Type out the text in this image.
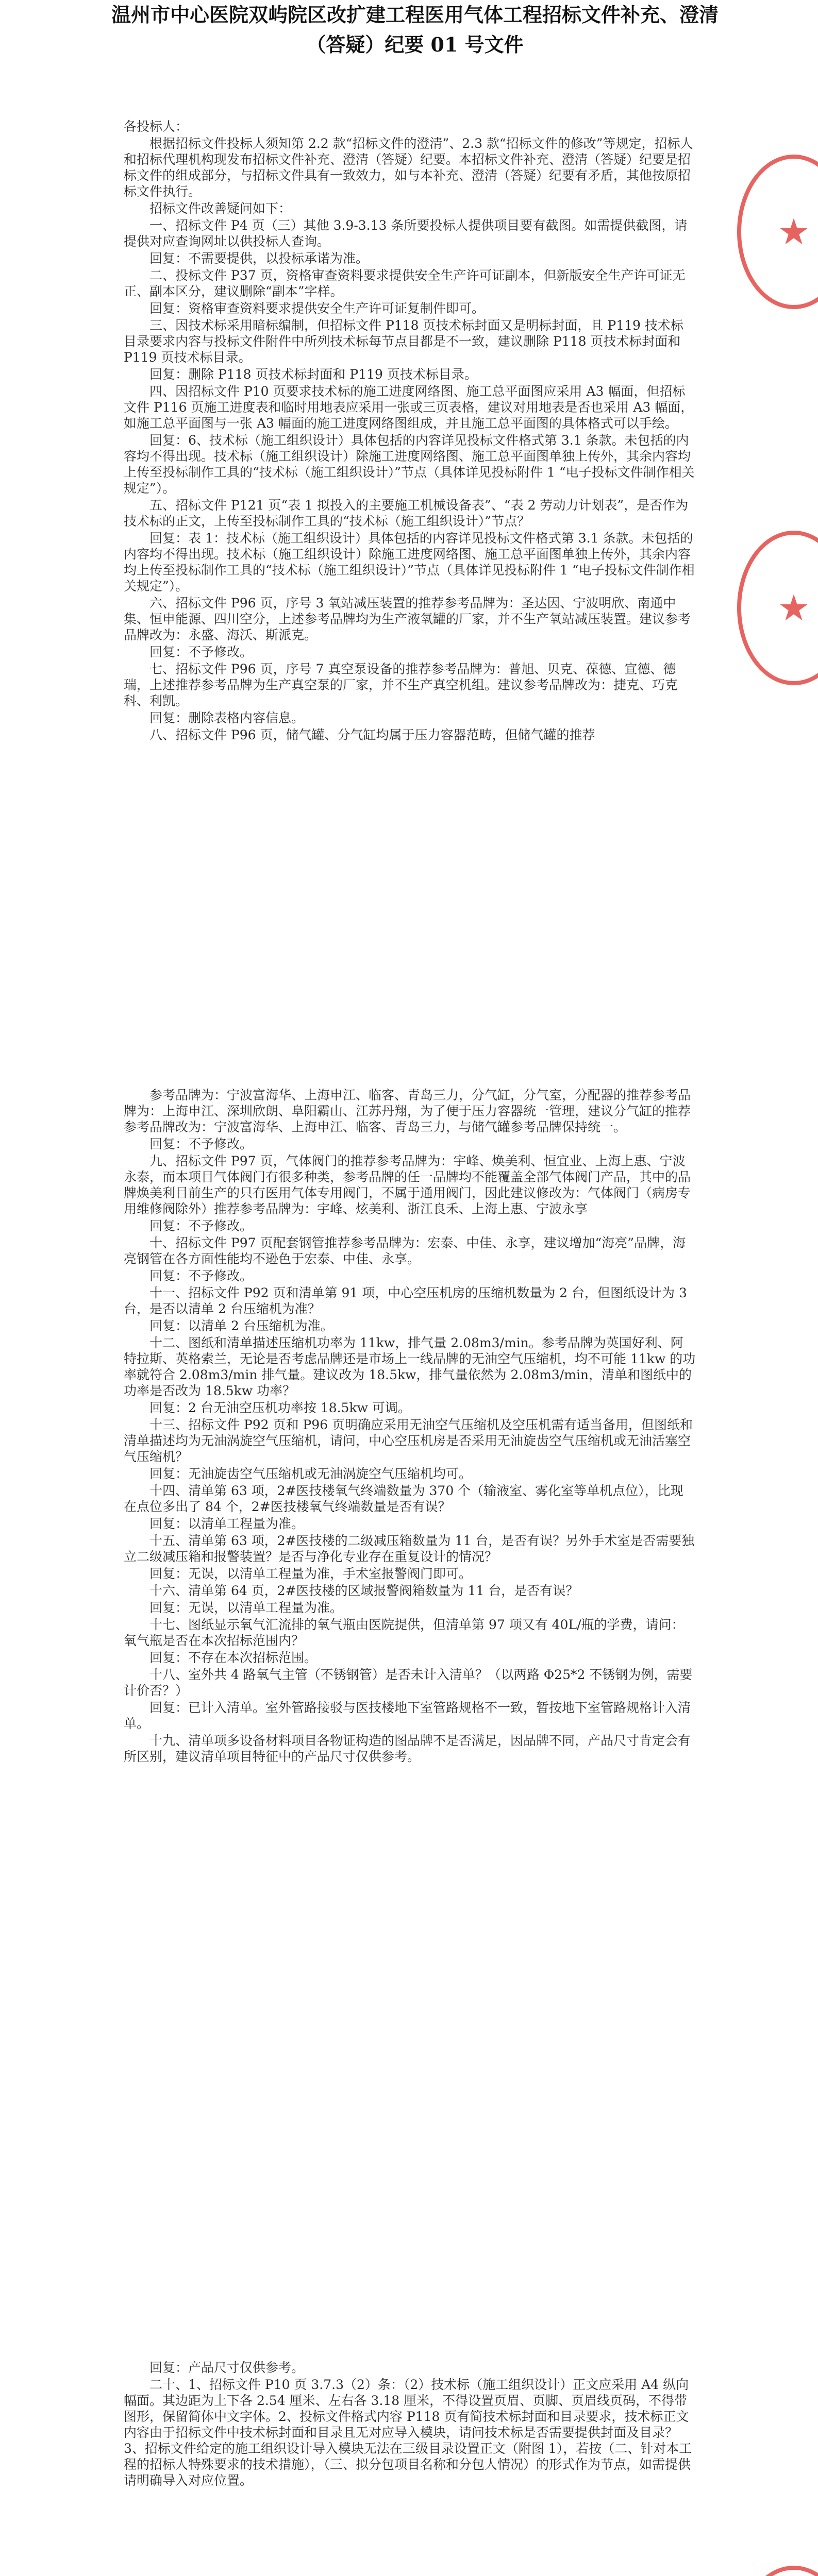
温州市中心医院双屿院区改扩建工程医用气体工程招标文件补充、澄清（答疑）纪要 01 号文件

各投标人：

根据招标文件投标人须知第 2.2 款“招标文件的澄清”、2.3 款“招标文件的修改”等规定，招标人和招标代理机构现发布招标文件补充、澄清（答疑）纪要。本招标文件补充、澄清（答疑）纪要是招标文件的组成部分，与招标文件具有一致效力，如与本补充、澄清（答疑）纪要有矛盾，其他按原招标文件执行。

招标文件改善疑问如下：

一、招标文件 P4 页（三）其他 3.9-3.13 条所要投标人提供项目要有截图。如需提供截图，请提供对应查询网址以供投标人查询。

回复：不需要提供，以投标承诺为准。

二、投标文件 P37 页，资格审查资料要求提供安全生产许可证副本，但新版安全生产许可证无正、副本区分，建议删除“副本”字样。

回复：资格审查资料要求提供安全生产许可证复制件即可。

三、因技术标采用暗标编制，但招标文件 P118 页技术标封面又是明标封面，且 P119 技术标目录要求内容与投标文件附件中所列技术标每节点目都是不一致，建议删除 P118 页技术标封面和 P119 页技术标目录。

回复：删除 P118 页技术标封面和 P119 页技术标目录。

四、因招标文件 P10 页要求技术标的施工进度网络图、施工总平面图应采用 A3 幅面，但招标文件 P116 页施工进度表和临时用地表应采用一张或三页表格，建议对用地表是否也采用 A3 幅面，如施工总平面图与一张 A3 幅面的施工进度网络图组成，并且施工总平面图的具体格式可以手绘。

回复：6、技术标（施工组织设计）具体包括的内容详见投标文件格式第 3.1 条款。未包括的内容均不得出现。技术标（施工组织设计）除施工进度网络图、施工总平面图单独上传外，其余内容均上传至投标制作工具的“技术标（施工组织设计）”节点（具体详见投标附件 1 “电子投标文件制作相关规定”）。

五、招标文件 P121 页“表 1 拟投入的主要施工机械设备表”、“表 2 劳动力计划表”，是否作为技术标的正文，上传至投标制作工具的“技术标（施工组织设计）”节点？

回复：表 1：技术标（施工组织设计）具体包括的内容详见投标文件格式第 3.1 条款。未包括的内容均不得出现。技术标（施工组织设计）除施工进度网络图、施工总平面图单独上传外，其余内容均上传至投标制作工具的“技术标（施工组织设计）”节点（具体详见投标附件 1 “电子投标文件制作相关规定”）。

六、招标文件 P96 页，序号 3 氧站减压装置的推荐参考品牌为：圣达因、宁波明欣、南通中集、恒申能源、四川空分，上述参考品牌均为生产液氧罐的厂家，并不生产氧站减压装置。建议参考品牌改为：永盛、海沃、斯派克。

回复：不予修改。

七、招标文件 P96 页，序号 7 真空泵设备的推荐参考品牌为：普旭、贝克、葆德、宣德、德瑞，上述推荐参考品牌为生产真空泵的厂家，并不生产真空机组。建议参考品牌改为：捷克、巧克科、利凯。

回复：删除表格内容信息。

八、招标文件 P96 页，储气罐、分气缸均属于压力容器范畴，但储气罐的推荐

参考品牌为：宁波富海华、上海申江、临客、青岛三力，分气缸，分气室，分配器的推荐参考品牌为：上海申江、深圳欣朗、阜阳霸山、江苏丹翔，为了便于压力容器统一管理，建议分气缸的推荐参考品牌改为：宁波富海华、上海申江、临客、青岛三力，与储气罐参考品牌保持统一。

回复：不予修改。

九、招标文件 P97 页，气体阀门的推荐参考品牌为：宇峰、焕美利、恒宜业、上海上惠、宁波永泰，而本项目气体阀门有很多种类，参考品牌的任一品牌均不能覆盖全部气体阀门产品，其中的品牌焕美利目前生产的只有医用气体专用阀门，不属于通用阀门，因此建议修改为：气体阀门（病房专用维修阀除外）推荐参考品牌为：宇峰、炫美利、浙江良禾、上海上惠、宁波永享

回复：不予修改。

十、招标文件 P97 页配套钢管推荐参考品牌为：宏泰、中佳、永享，建议增加“海亮”品牌，海亮钢管在各方面性能均不逊色于宏泰、中佳、永享。

回复：不予修改。

十一、招标文件 P92 页和清单第 91 项，中心空压机房的压缩机数量为 2 台，但图纸设计为 3 台，是否以清单 2 台压缩机为准？

回复：以清单 2 台压缩机为准。

十二、图纸和清单描述压缩机功率为 11kw，排气量 2.08m3/min。参考品牌为英国好利、阿特拉斯、英格索兰，无论是否考虑品牌还是市场上一线品牌的无油空气压缩机，均不可能 11kw 的功率就符合 2.08m3/min 排气量。建议改为 18.5kw，排气量依然为 2.08m3/min，清单和图纸中的功率是否改为 18.5kw 功率？

回复：2 台无油空压机功率按 18.5kw 可调。

十三、招标文件 P92 页和 P96 页明确应采用无油空气压缩机及空压机需有适当备用，但图纸和清单描述均为无油涡旋空气压缩机，请问，中心空压机房是否采用无油旋齿空气压缩机或无油活塞空气压缩机？

回复：无油旋齿空气压缩机或无油涡旋空气压缩机均可。

十四、清单第 63 项，2#医技楼氧气终端数量为 370 个（输液室、雾化室等单机点位），比现在点位多出了 84 个，2#医技楼氧气终端数量是否有误？

回复：以清单工程量为准。

十五、清单第 63 项，2#医技楼的二级减压箱数量为 11 台，是否有误？另外手术室是否需要独立二级减压箱和报警装置？是否与净化专业存在重复设计的情况？

回复：无误，以清单工程量为准，手术室报警阀门即可。

十六、清单第 64 页，2#医技楼的区域报警阀箱数量为 11 台，是否有误？

回复：无误，以清单工程量为准。

十七、图纸显示氧气汇流排的氧气瓶由医院提供，但清单第 97 项又有 40L/瓶的学费，请问：氧气瓶是否在本次招标范围内？

回复：不存在本次招标范围。

十八、室外共 4 路氧气主管（不锈钢管）是否未计入清单？（以两路 Φ25*2 不锈钢为例，需要计价否？）

回复：已计入清单。室外管路接驳与医技楼地下室管路规格不一致，暂按地下室管路规格计入清单。

十九、清单项多设备材料项目各物证构造的图品牌不是否满足，因品牌不同，产品尺寸肯定会有所区别，建议清单项目特征中的产品尺寸仅供参考。

回复：产品尺寸仅供参考。

二十、1、招标文件 P10 页 3.7.3（2）条：（2）技术标（施工组织设计）正文应采用 A4 纵向幅面。其边距为上下各 2.54 厘米、左右各 3.18 厘米，不得设置页眉、页脚、页眉线页码，不得带图形，保留简体中文字体。2、投标文件格式内容 P118 页有简技术标封面和目录要求，技术标正文内容由于招标文件中技术标封面和目录且无对应导入模块，请问技术标是否需要提供封面及目录？3、招标文件给定的施工组织设计导入模块无法在三级目录设置正文（附图 1），若按（二、针对本工程的招标人特殊要求的技术措施），（三、拟分包项目名称和分包人情况）的形式作为节点，如需提供请明确导入对应位置。

★
★
